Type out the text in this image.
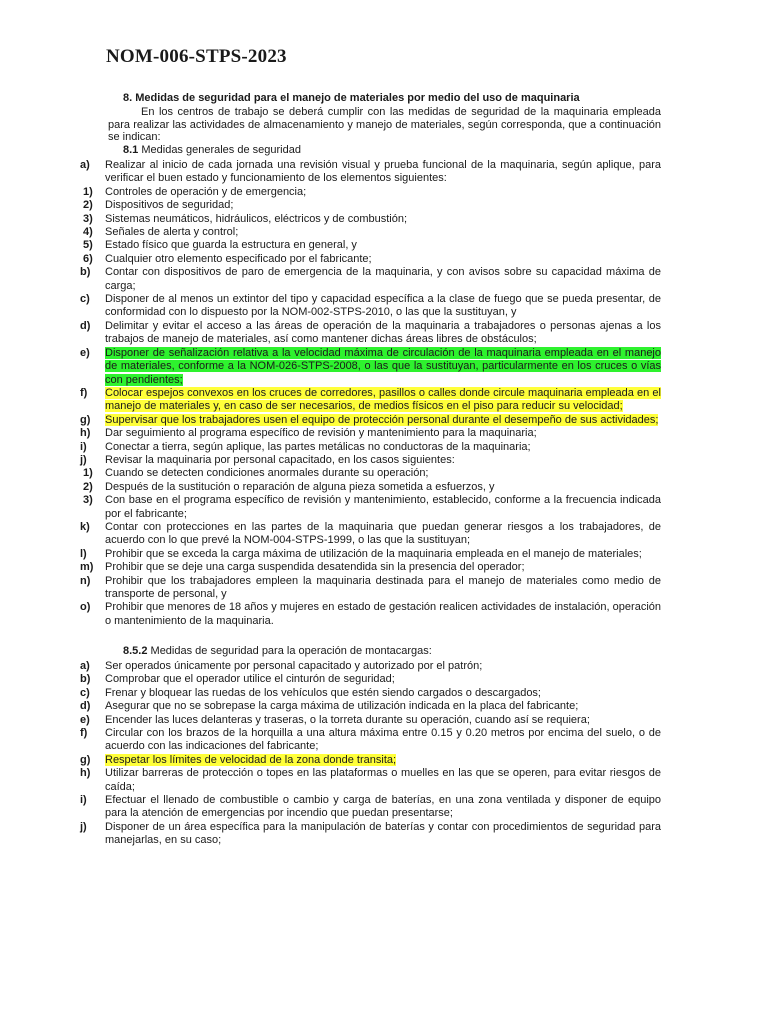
NOM-006-STPS-2023
8. Medidas de seguridad para el manejo de materiales por medio del uso de maquinaria
En los centros de trabajo se deberá cumplir con las medidas de seguridad de la maquinaria empleada para realizar las actividades de almacenamiento y manejo de materiales, según corresponda, que a continuación se indican:
8.1 Medidas generales de seguridad
a) Realizar al inicio de cada jornada una revisión visual y prueba funcional de la maquinaria, según aplique, para verificar el buen estado y funcionamiento de los elementos siguientes:
1) Controles de operación y de emergencia;
2) Dispositivos de seguridad;
3) Sistemas neumáticos, hidráulicos, eléctricos y de combustión;
4) Señales de alerta y control;
5) Estado físico que guarda la estructura en general, y
6) Cualquier otro elemento especificado por el fabricante;
b) Contar con dispositivos de paro de emergencia de la maquinaria, y con avisos sobre su capacidad máxima de carga;
c) Disponer de al menos un extintor del tipo y capacidad específica a la clase de fuego que se pueda presentar, de conformidad con lo dispuesto por la NOM-002-STPS-2010, o las que la sustituyan, y
d) Delimitar y evitar el acceso a las áreas de operación de la maquinaria a trabajadores o personas ajenas a los trabajos de manejo de materiales, así como mantener dichas áreas libres de obstáculos;
e) Disponer de señalización relativa a la velocidad máxima de circulación de la maquinaria empleada en el manejo de materiales, conforme a la NOM-026-STPS-2008, o las que la sustituyan, particularmente en los cruces o vías con pendientes;
f) Colocar espejos convexos en los cruces de corredores, pasillos o calles donde circule maquinaria empleada en el manejo de materiales y, en caso de ser necesarios, de medios físicos en el piso para reducir su velocidad;
g) Supervisar que los trabajadores usen el equipo de protección personal durante el desempeño de sus actividades;
h) Dar seguimiento al programa específico de revisión y mantenimiento para la maquinaria;
i) Conectar a tierra, según aplique, las partes metálicas no conductoras de la maquinaria;
j) Revisar la maquinaria por personal capacitado, en los casos siguientes:
1) Cuando se detecten condiciones anormales durante su operación;
2) Después de la sustitución o reparación de alguna pieza sometida a esfuerzos, y
3) Con base en el programa específico de revisión y mantenimiento, establecido, conforme a la frecuencia indicada por el fabricante;
k) Contar con protecciones en las partes de la maquinaria que puedan generar riesgos a los trabajadores, de acuerdo con lo que prevé la NOM-004-STPS-1999, o las que la sustituyan;
l) Prohibir que se exceda la carga máxima de utilización de la maquinaria empleada en el manejo de materiales;
m) Prohibir que se deje una carga suspendida desatendida sin la presencia del operador;
n) Prohibir que los trabajadores empleen la maquinaria destinada para el manejo de materiales como medio de transporte de personal, y
o) Prohibir que menores de 18 años y mujeres en estado de gestación realicen actividades de instalación, operación o mantenimiento de la maquinaria.
8.5.2 Medidas de seguridad para la operación de montacargas:
a) Ser operados únicamente por personal capacitado y autorizado por el patrón;
b) Comprobar que el operador utilice el cinturón de seguridad;
c) Frenar y bloquear las ruedas de los vehículos que estén siendo cargados o descargados;
d) Asegurar que no se sobrepase la carga máxima de utilización indicada en la placa del fabricante;
e) Encender las luces delanteras y traseras, o la torreta durante su operación, cuando así se requiera;
f) Circular con los brazos de la horquilla a una altura máxima entre 0.15 y 0.20 metros por encima del suelo, o de acuerdo con las indicaciones del fabricante;
g) Respetar los límites de velocidad de la zona donde transita;
h) Utilizar barreras de protección o topes en las plataformas o muelles en las que se operen, para evitar riesgos de caída;
i) Efectuar el llenado de combustible o cambio y carga de baterías, en una zona ventilada y disponer de equipo para la atención de emergencias por incendio que puedan presentarse;
j) Disponer de un área específica para la manipulación de baterías y contar con procedimientos de seguridad para manejarlas, en su caso;
